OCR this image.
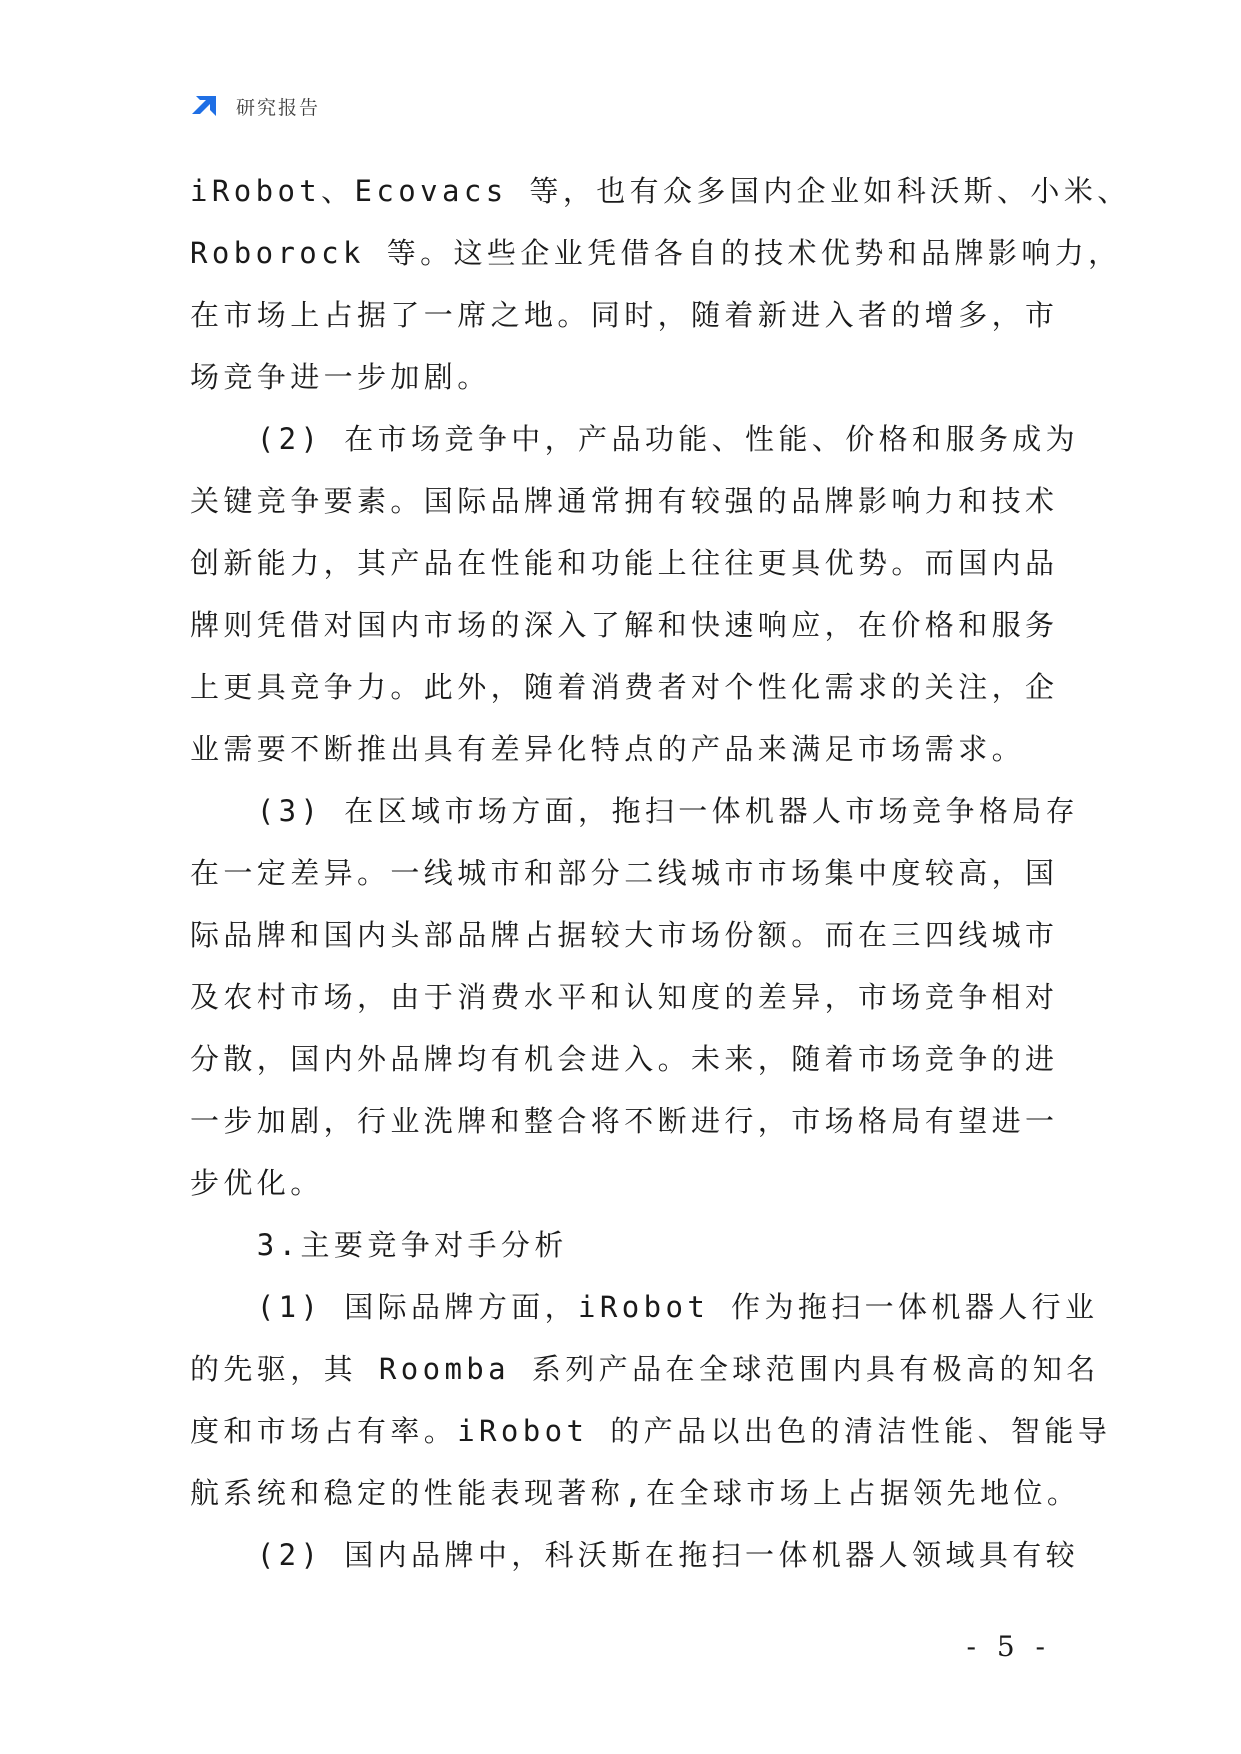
研究报告
iRobot、Ecovacs 等，也有众多国内企业如科沃斯、小米、
Roborock 等。这些企业凭借各自的技术优势和品牌影响力，
在市场上占据了一席之地。同时，随着新进入者的增多，市
场竞争进一步加剧。
　　(2) 在市场竞争中，产品功能、性能、价格和服务成为
关键竞争要素。国际品牌通常拥有较强的品牌影响力和技术
创新能力，其产品在性能和功能上往往更具优势。而国内品
牌则凭借对国内市场的深入了解和快速响应，在价格和服务
上更具竞争力。此外，随着消费者对个性化需求的关注，企
业需要不断推出具有差异化特点的产品来满足市场需求。
　　(3) 在区域市场方面，拖扫一体机器人市场竞争格局存
在一定差异。一线城市和部分二线城市市场集中度较高，国
际品牌和国内头部品牌占据较大市场份额。而在三四线城市
及农村市场，由于消费水平和认知度的差异，市场竞争相对
分散，国内外品牌均有机会进入。未来，随着市场竞争的进
一步加剧，行业洗牌和整合将不断进行，市场格局有望进一
步优化。
　　3.主要竞争对手分析
　　(1) 国际品牌方面，iRobot 作为拖扫一体机器人行业
的先驱，其 Roomba 系列产品在全球范围内具有极高的知名
度和市场占有率。iRobot 的产品以出色的清洁性能、智能导
航系统和稳定的性能表现著称,在全球市场上占据领先地位。
　　(2) 国内品牌中，科沃斯在拖扫一体机器人领域具有较
- 5 -
